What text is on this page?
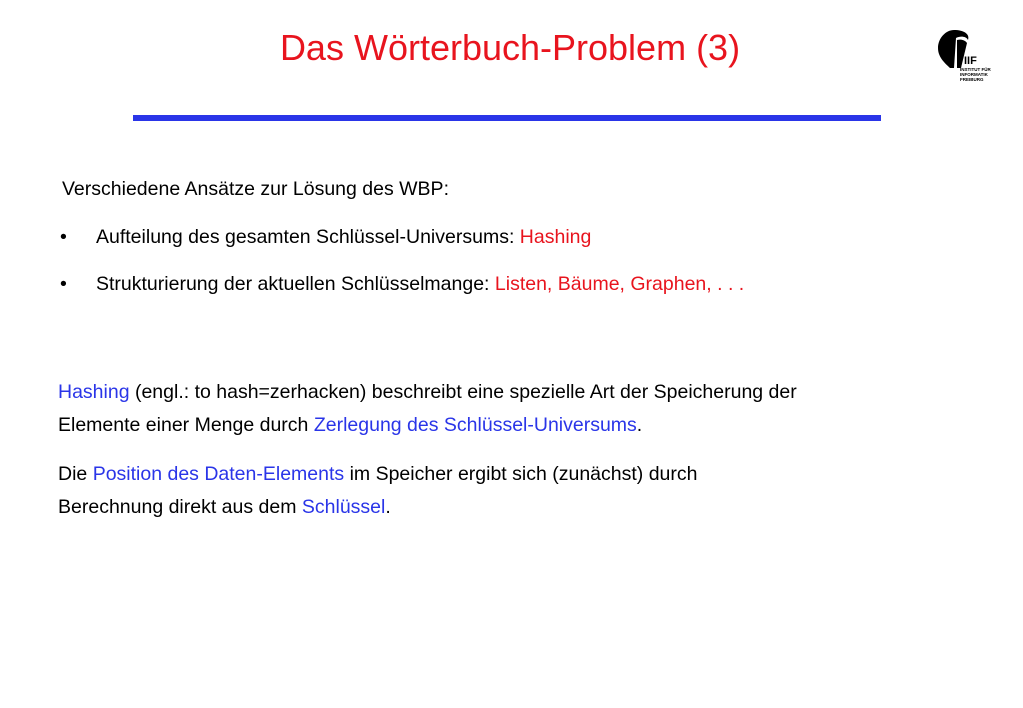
Das Wörterbuch-Problem (3)	IIF
INSTITUT FÜR
INFORMATIK
FREIBURG
Verschiedene Ansätze zur Lösung des WBP:
• Aufteilung des gesamten Schlüssel-Universums: Hashing
• Strukturierung der aktuellen Schlüsselmange: Listen, Bäume, Graphen, . . .

Hashing (engl.: to hash=zerhacken) beschreibt eine spezielle Art der Speicherung der
Elemente einer Menge durch Zerlegung des Schlüssel-Universums.

Die Position des Daten-Elements im Speicher ergibt sich (zunächst) durch
Berechnung direkt aus dem Schlüssel.
